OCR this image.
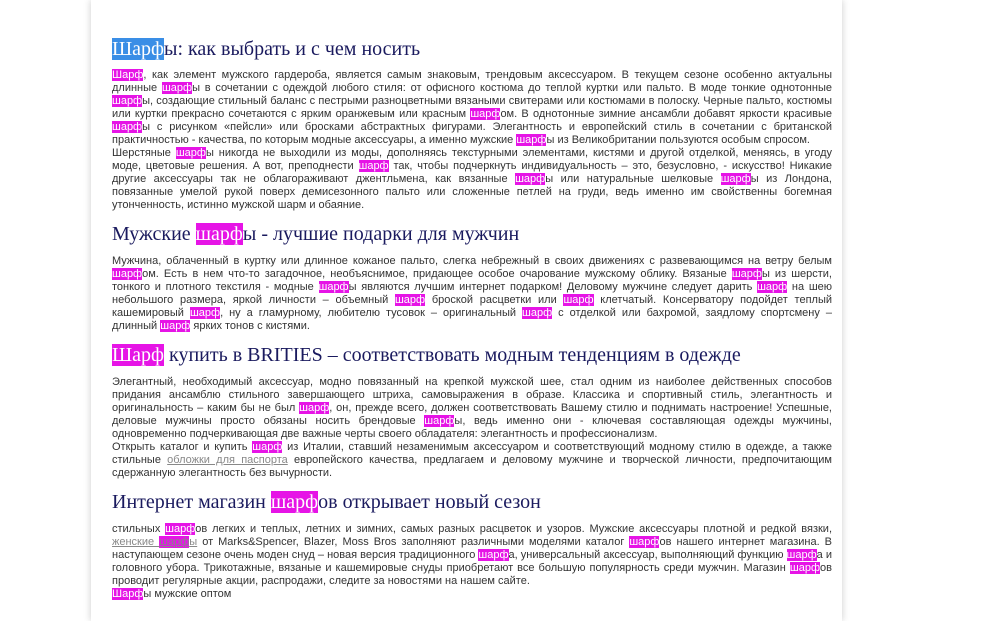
Шарфы: как выбрать и с чем носить

Шарф, как элемент мужского гардероба, является самым знаковым, трендовым аксессуаром. В текущем сезоне особенно актуальны длинные шарфы в сочетании с одеждой любого стиля: от офисного костюма до теплой куртки или пальто. В моде тонкие однотонные шарфы, создающие стильный баланс с пестрыми разноцветными вязаными свитерами или костюмами в полоску. Черные пальто, костюмы или куртки прекрасно сочетаются с ярким оранжевым или красным шарфом. В однотонные зимние ансамбли добавят яркости красивые шарфы с рисунком «пейсли» или бросками абстрактных фигурами. Элегантность и европейский стиль в сочетании с британской практичностью - качества, по которым модные аксессуары, а именно мужские шарфы из Великобритании пользуются особым спросом.

Шерстяные шарфы никогда не выходили из моды, дополняясь текстурными элементами, кистями и другой отделкой, меняясь, в угоду моде, цветовые решения. А вот, преподнести шарф так, чтобы подчеркнуть индивидуальность – это, безусловно, - искусство! Никакие другие аксессуары так не облагораживают джентльмена, как вязанные шарфы или натуральные шелковые шарфы из Лондона, повязанные умелой рукой поверх демисезонного пальто или сложенные петлей на груди, ведь именно им свойственны богемная утонченность, истинно мужской шарм и обаяние.

Мужские шарфы - лучшие подарки для мужчин

Мужчина, облаченный в куртку или длинное кожаное пальто, слегка небрежный в своих движениях с развевающимся на ветру белым шарфом. Есть в нем что-то загадочное, необъяснимое, придающее особое очарование мужскому облику. Вязаные шарфы из шерсти, тонкого и плотного текстиля - модные шарфы являются лучшим интернет подарком! Деловому мужчине следует дарить шарф на шею небольшого размера, яркой личности – объемный шарф броской расцветки или шарф клетчатый. Консерватору подойдет теплый кашемировый шарф, ну а гламурному, любителю тусовок – оригинальный шарф с отделкой или бахромой, заядлому спортсмену – длинный шарф ярких тонов с кистями.

Шарф купить в BRITIES – соответствовать модным тенденциям в одежде

Элегантный, необходимый аксессуар, модно повязанный на крепкой мужской шее, стал одним из наиболее действенных способов придания ансамблю стильного завершающего штриха, самовыражения в образе. Классика и спортивный стиль, элегантность и оригинальность – каким бы не был шарф, он, прежде всего, должен соответствовать Вашему стилю и поднимать настроение! Успешные, деловые мужчины просто обязаны носить брендовые шарфы, ведь именно они - ключевая составляющая одежды мужчины, одновременно подчеркивающая две важные черты своего обладателя: элегантность и профессионализм.

Открыть каталог и купить шарф из Италии, ставший незаменимым аксессуаром и соответствующий модному стилю в одежде, а также стильные обложки для паспорта европейского качества, предлагаем и деловому мужчине и творческой личности, предпочитающим сдержанную элегантность без вычурности.

Интернет магазин шарфов открывает новый сезон

стильных шарфов легких и теплых, летних и зимних, самых разных расцветок и узоров. Мужские аксессуары плотной и редкой вязки, женские шарфы от Marks&Spencer, Blazer, Moss Bros заполняют различными моделями каталог шарфов нашего интернет магазина. В наступающем сезоне очень моден снуд – новая версия традиционного шарфа, универсальный аксессуар, выполняющий функцию шарфа и головного убора. Трикотажные, вязаные и кашемировые снуды приобретают все большую популярность среди мужчин. Магазин шарфов проводит регулярные акции, распродажи, следите за новостями на нашем сайте.

Шарфы мужские оптом
